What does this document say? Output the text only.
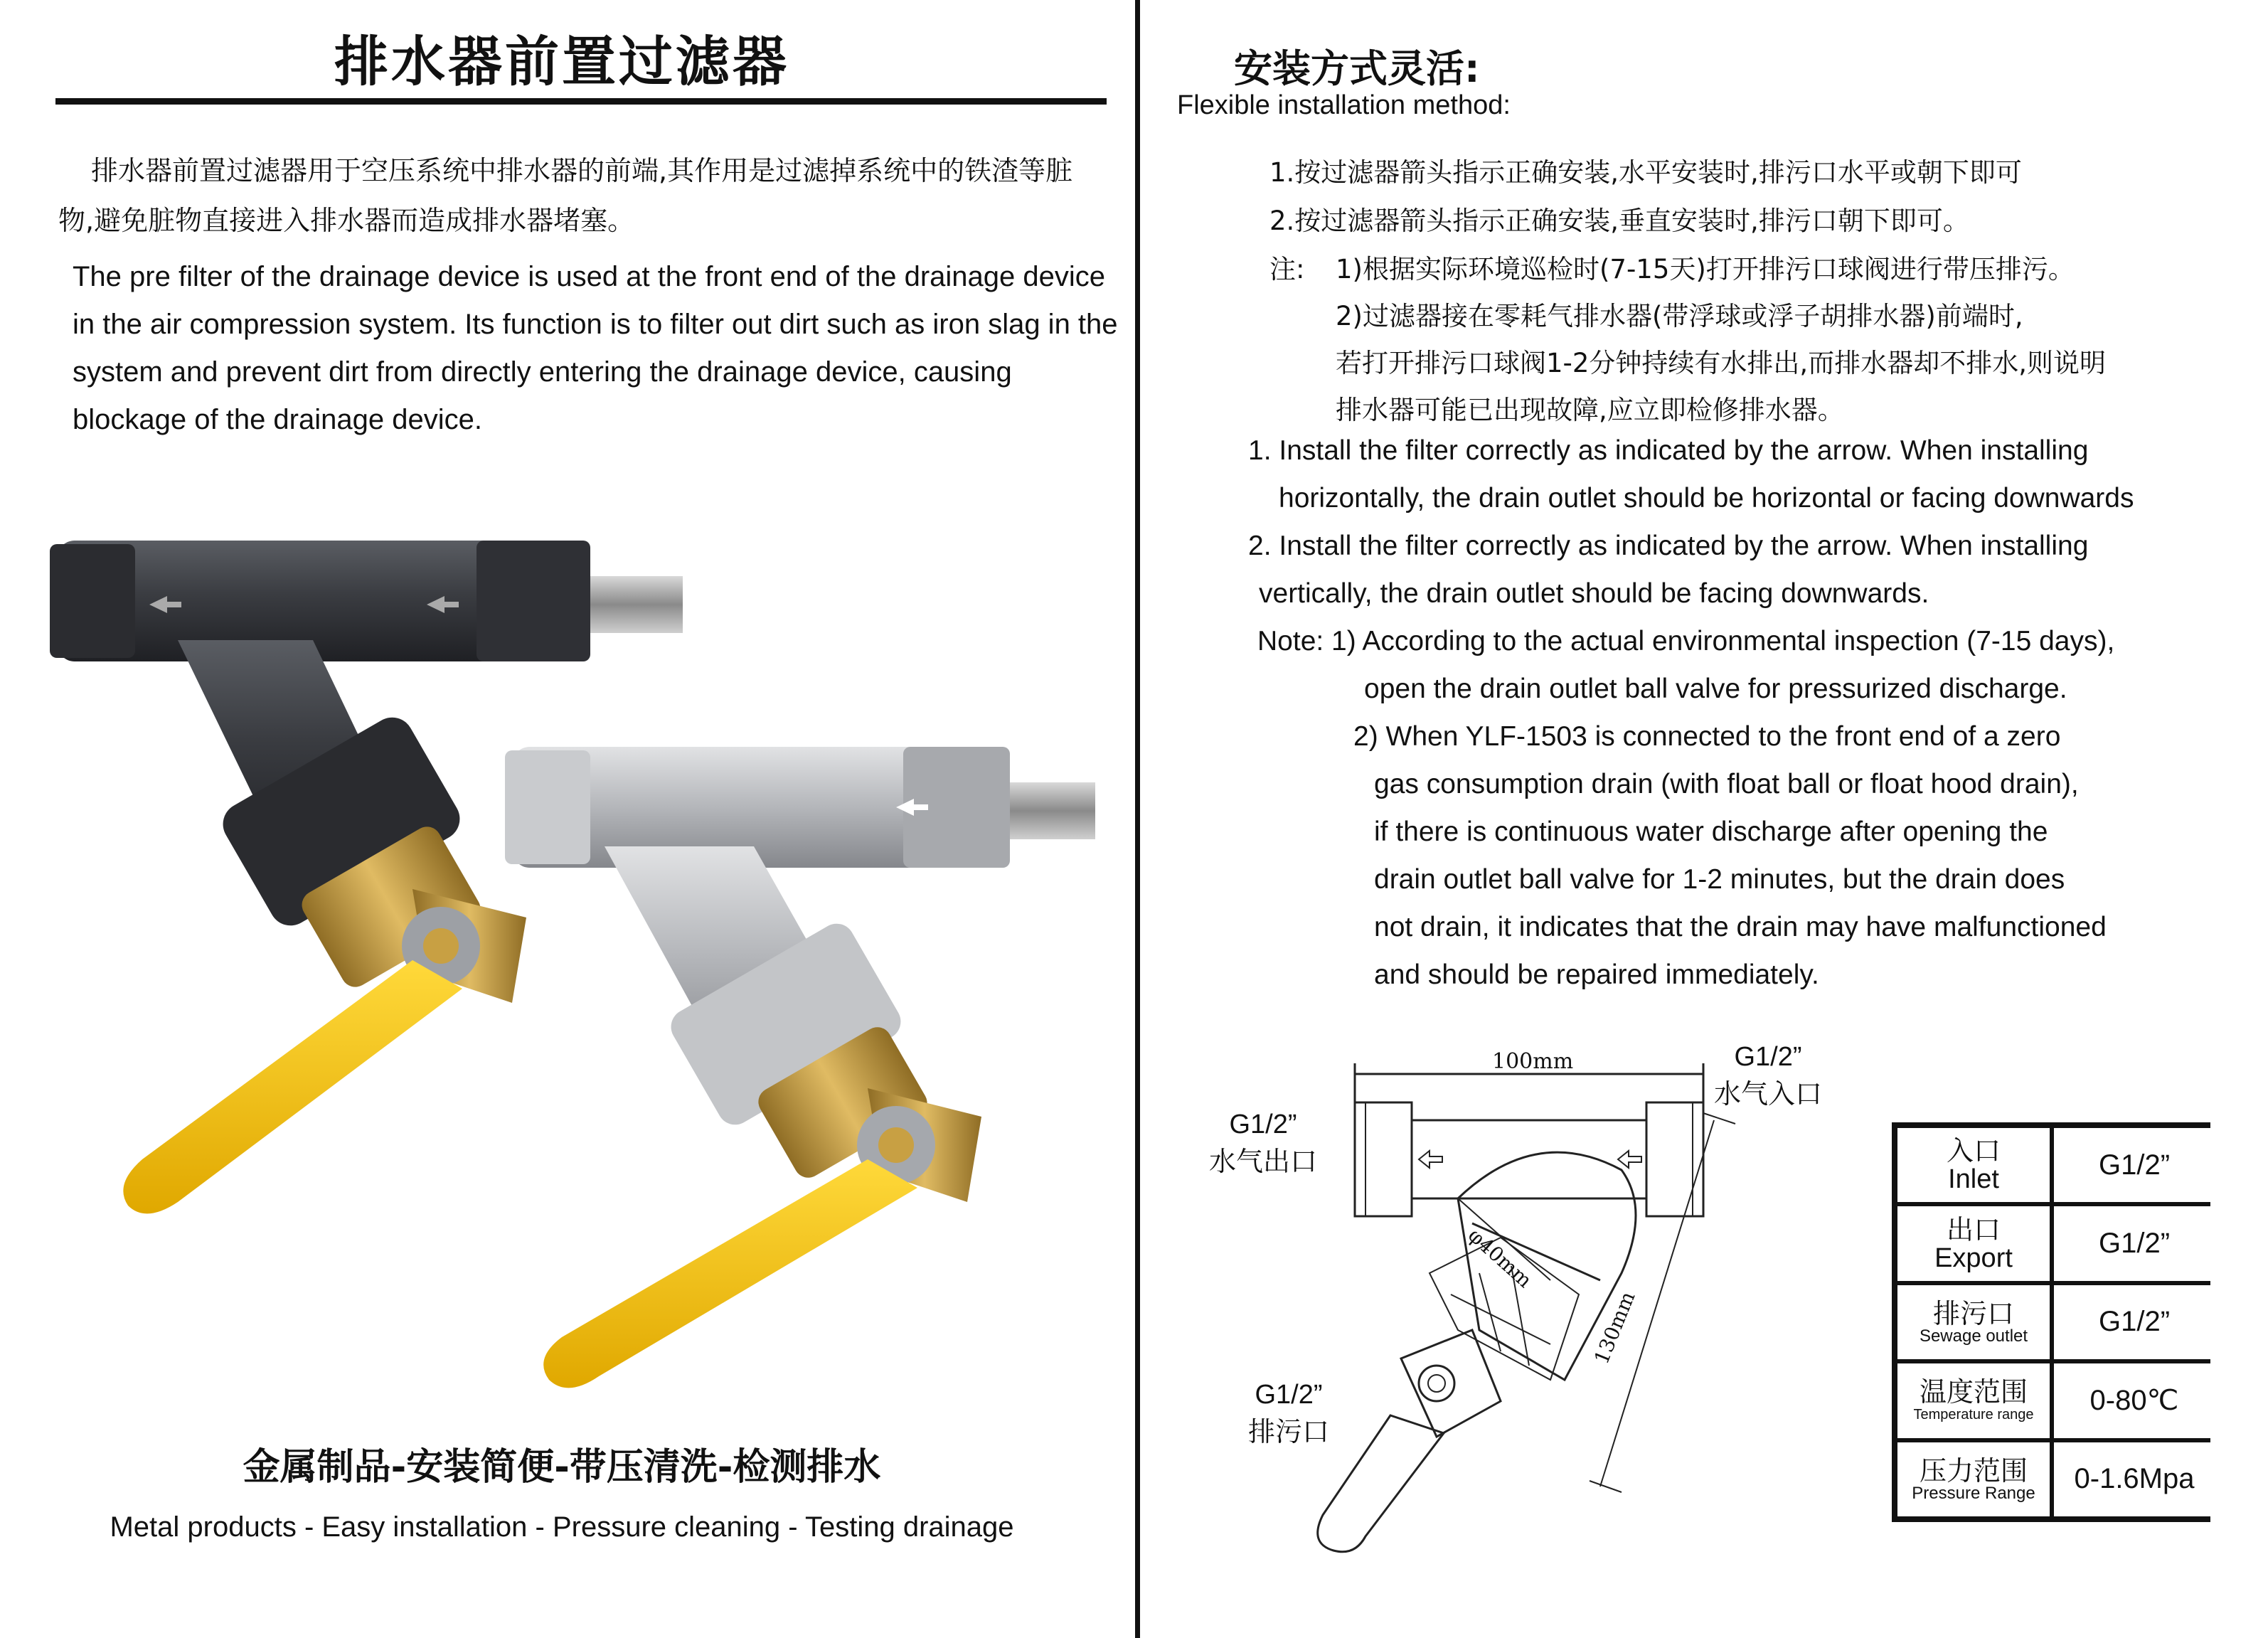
排水器前置过滤器
排水器前置过滤器用于空压系统中排水器的前端,其作用是过滤掉系统中的铁渣等脏物,避免脏物直接进入排水器而造成排水器堵塞。
The pre filter of the drainage device is used at the front end of the drainage device in the air compression system. Its function is to filter out dirt such as iron slag in the system and prevent dirt from directly entering the drainage device, causing blockage of the drainage device.
金属制品-安装简便-带压清洗-检测排水
Metal products - Easy installation - Pressure cleaning - Testing drainage
安装方式灵活:
Flexible installation method:
1.按过滤器箭头指示正确安装,水平安装时,排污口水平或朝下即可
2.按过滤器箭头指示正确安装,垂直安装时,排污口朝下即可。
注: 1)根据实际环境巡检时(7-15天)打开排污口球阀进行带压排污。
2)过滤器接在零耗气排水器(带浮球或浮子胡排水器)前端时,
若打开排污口球阀1-2分钟持续有水排出,而排水器却不排水,则说明
排水器可能已出现故障,应立即检修排水器。
1. Install the filter correctly as indicated by the arrow. When installing
horizontally, the drain outlet should be horizontal or facing downwards
2. Install the filter correctly as indicated by the arrow. When installing
vertically, the drain outlet should be facing downwards.
Note: 1) According to the actual environmental inspection (7-15 days),
open the drain outlet ball valve for pressurized discharge.
2) When YLF-1503 is connected to the front end of a zero
gas consumption drain (with float ball or float hood drain),
if there is continuous water discharge after opening the
drain outlet ball valve for 1-2 minutes, but the drain does
not drain, it indicates that the drain may have malfunctioned
and should be repaired immediately.
100mm
φ40mm
130mm
G1/2”
水气出口
G1/2”
水气入口
G1/2”
排污口
入口
Inlet	G1/2”
出口
Export	G1/2”
排污口
Sewage outlet G1/2”
温度范围
Temperature range 0-80℃
压力范围
Pressure Range 0-1.6Mpa
